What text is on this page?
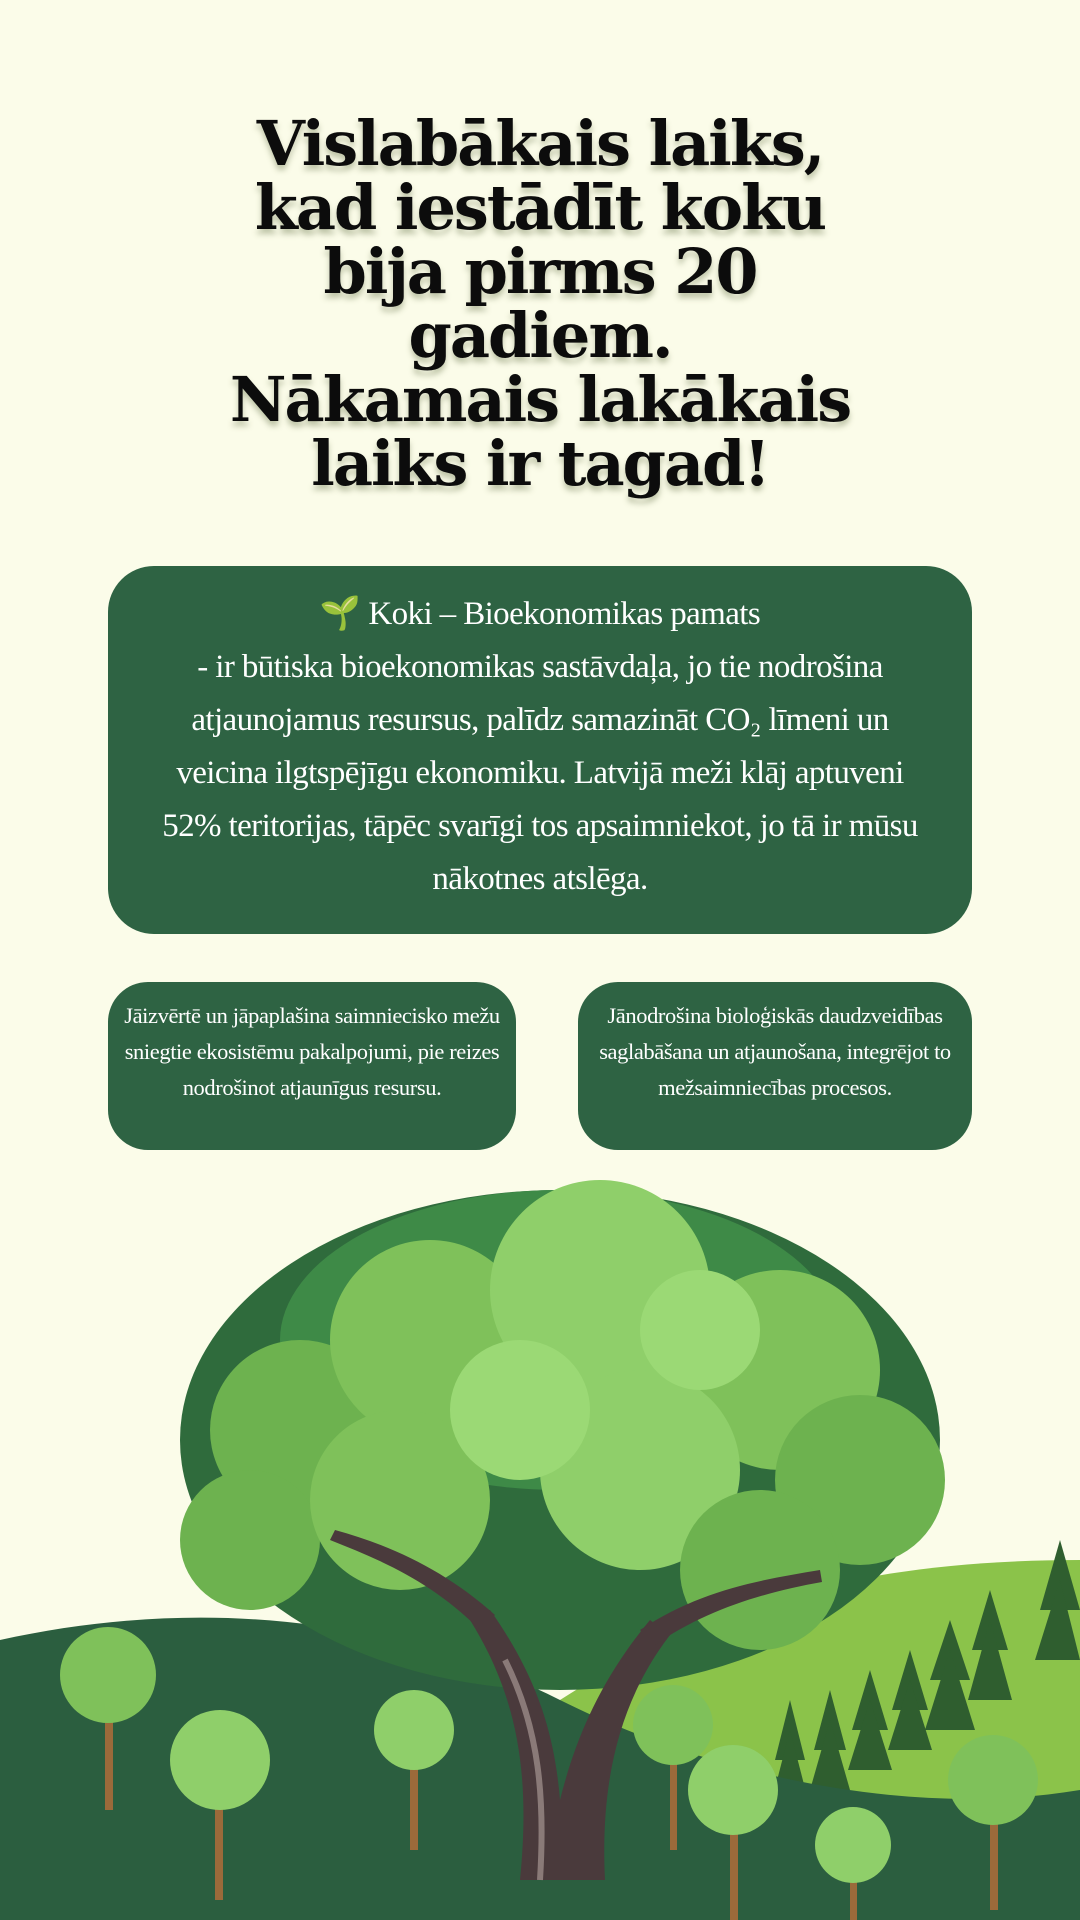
Vislabākais laiks,
kad iestādīt koku
bija pirms 20
gadiem.
Nākamais lakākais
laiks ir tagad!
🌱 Koki – Bioekonomikas pamats
- ir būtiska bioekonomikas sastāvdaļa, jo tie nodrošina atjaunojamus resursus, palīdz samazināt CO₂ līmeni un veicina ilgtspējīgu ekonomiku. Latvijā meži klāj aptuveni 52% teritorijas, tāpēc svarīgi tos apsaimniekot, jo tā ir mūsu nākotnes atslēga.
Jāizvērtē un jāpaplašina saimniecisko mežu sniegtie ekosistēmu pakalpojumi, pie reizes nodrošinot atjaunīgus resursu.
Jānodrošina bioloģiskās daudzveidības saglabāšana un atjaunošana, integrējot to mežsaimniecības procesos.
